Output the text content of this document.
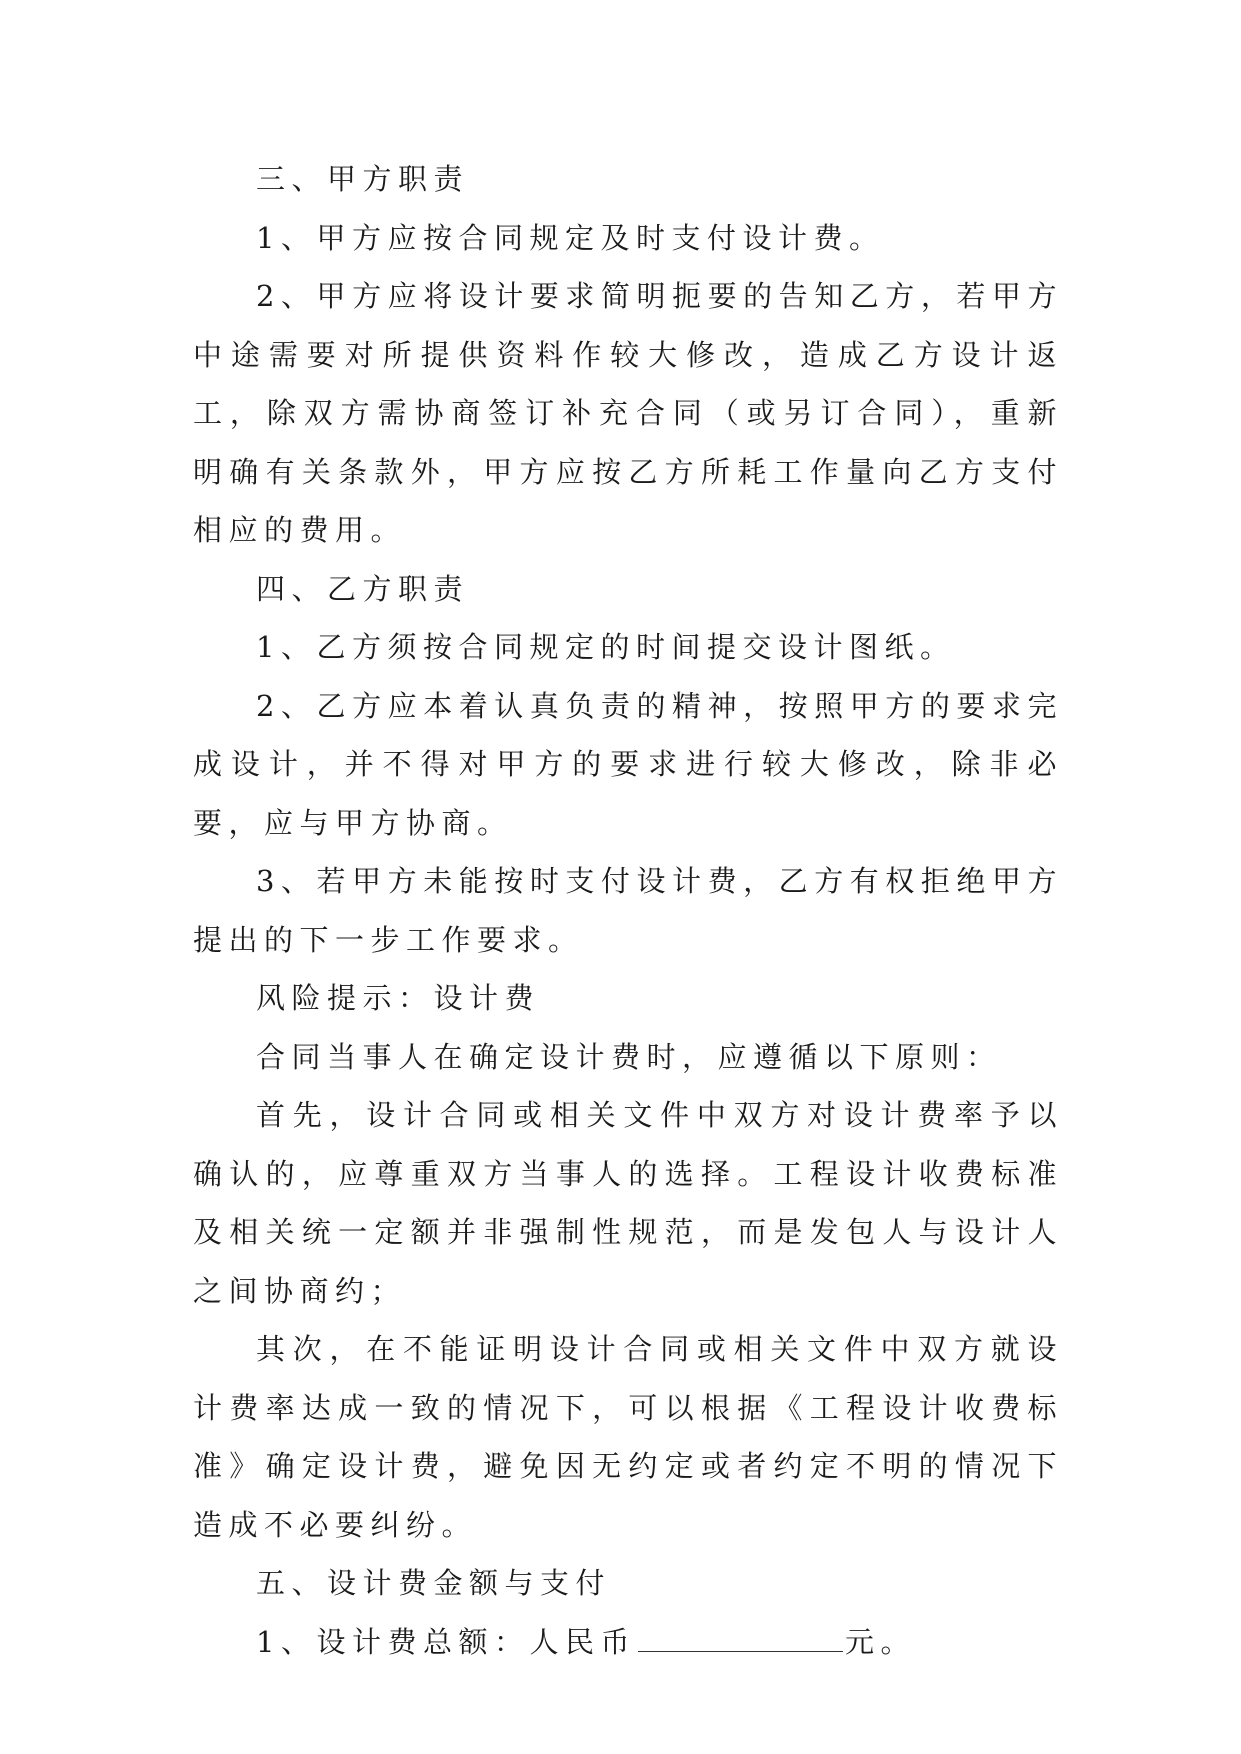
三、甲方职责

1、甲方应按合同规定及时支付设计费。

2、甲方应将设计要求简明扼要的告知乙方，若甲方中途需要对所提供资料作较大修改，造成乙方设计返工，除双方需协商签订补充合同（或另订合同），重新明确有关条款外，甲方应按乙方所耗工作量向乙方支付相应的费用。

四、乙方职责

1、乙方须按合同规定的时间提交设计图纸。

2、乙方应本着认真负责的精神，按照甲方的要求完成设计，并不得对甲方的要求进行较大修改，除非必要，应与甲方协商。

3、若甲方未能按时支付设计费，乙方有权拒绝甲方提出的下一步工作要求。

风险提示：设计费

合同当事人在确定设计费时，应遵循以下原则：

首先，设计合同或相关文件中双方对设计费率予以确认的，应尊重双方当事人的选择。工程设计收费标准及相关统一定额并非强制性规范，而是发包人与设计人之间协商约；

其次，在不能证明设计合同或相关文件中双方就设计费率达成一致的情况下，可以根据《工程设计收费标准》确定设计费，避免因无约定或者约定不明的情况下造成不必要纠纷。

五、设计费金额与支付

1、设计费总额：人民币	元。
